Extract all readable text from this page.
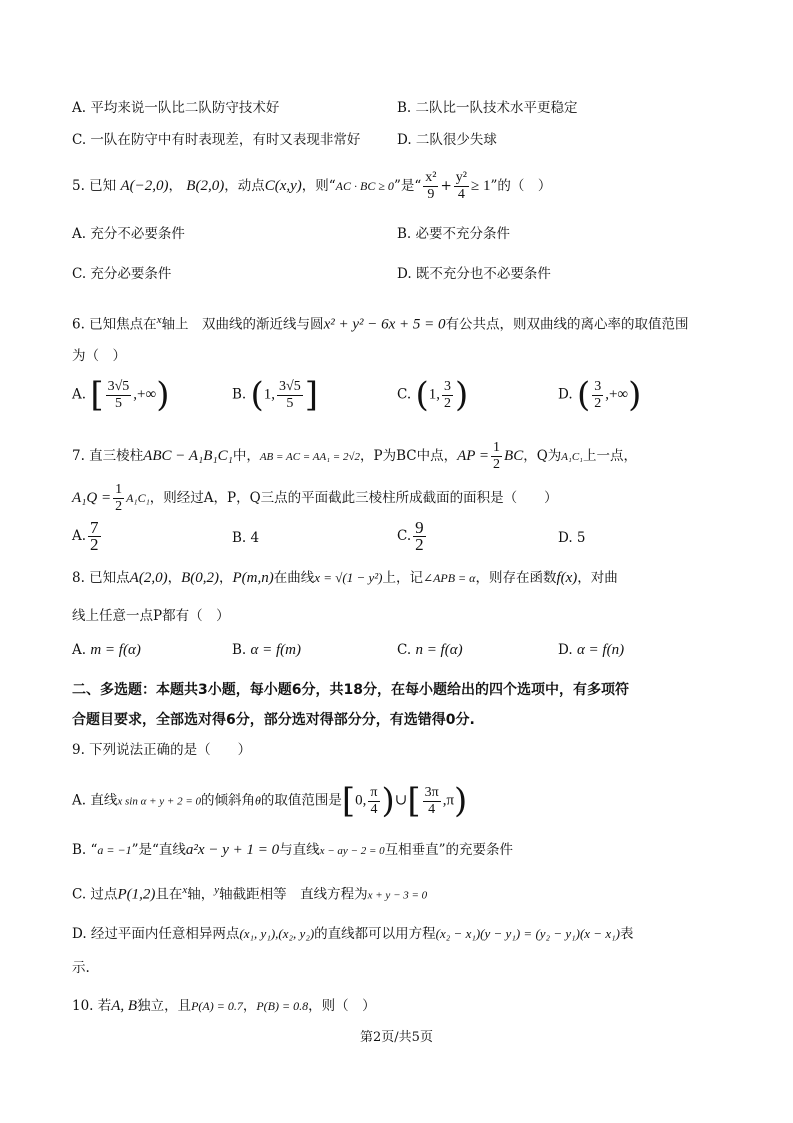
A. 平均来说一队比二队防守技术好	B. 二队比一队技术水平更稳定
C. 一队在防守中有时表现差，有时又表现非常好	D. 二队很少失球
5. 已知 A(−2,0)， B(2,0)，动点C(x,y)，则“AC · BC ≥ 0”是“ $\frac{\text{x²}}{9} + \frac{\text{y²}}{4} \ge 1$”的（　）
A. 充分不必要条件	B. 必要不充分条件
C. 充分必要条件	D. 既不充分也不必要条件
6. 已知焦点在$^x$轴上　双曲线的渐近线与圆x² + y² − 6x + 5 = 0有公共点，则双曲线的离心率的取值范围
为（　）
A. [ $\frac{3√5}{5}$ ,+∞)	B. (1, $\frac{3√5}{5}$ ]	C. (1, $\frac{3}{2}$ )	D. ( $\frac{3}{2}$ ,+∞)
7. 直三棱柱ABC − A₁B₁C₁中，AB = AC = AA₁ = 2√2，P为BC中点，AP = $\frac{1}{2}$ BC，Q为A₁C₁上一点，
$A_1Q = \frac{1}{2} A_1C_1$，则经过A，P，Q三点的平面截此三棱柱所成截面的面积是（　　）
A. $\frac{7}{2}$	B. 4	C. $\frac{9}{2}$	D. 5
8. 已知点A(2,0)，B(0,2)，P(m,n)在曲线x = √(1 − y²)上，记∠APB = α，则存在函数f(x)，对曲
线上任意一点P都有（　）
A. m = f(α)	B. α = f(m)	C. n = f(α)	D. α = f(n)
二、多选题：本题共3小题，每小题6分，共18分，在每小题给出的四个选项中，有多项符
合题目要求，全部选对得6分，部分选对得部分分，有选错得0分.
9. 下列说法正确的是（　　）
A. 直线x sin α + y + 2 = 0的倾斜角θ的取值范围是[0, $\frac{\pi}{4}$ )∪[ $\frac{3\pi}{4} ,\pi$)
B. “a = −1”是“直线a²x − y + 1 = 0与直线x − ay − 2 = 0互相垂直”的充要条件
C. 过点P(1,2)且在$^x$轴，$^y$轴截距相等　直线方程为x + y − 3 = 0
D. 经过平面内任意相异两点(x₁, y₁),(x₂, y₂)的直线都可以用方程(x₂ − x₁)(y − y₁) = (y₂ − y₁)(x − x₁)表
示.
10. 若A, B独立，且P(A) = 0.7，P(B) = 0.8，则（　）
第2页/共5页
